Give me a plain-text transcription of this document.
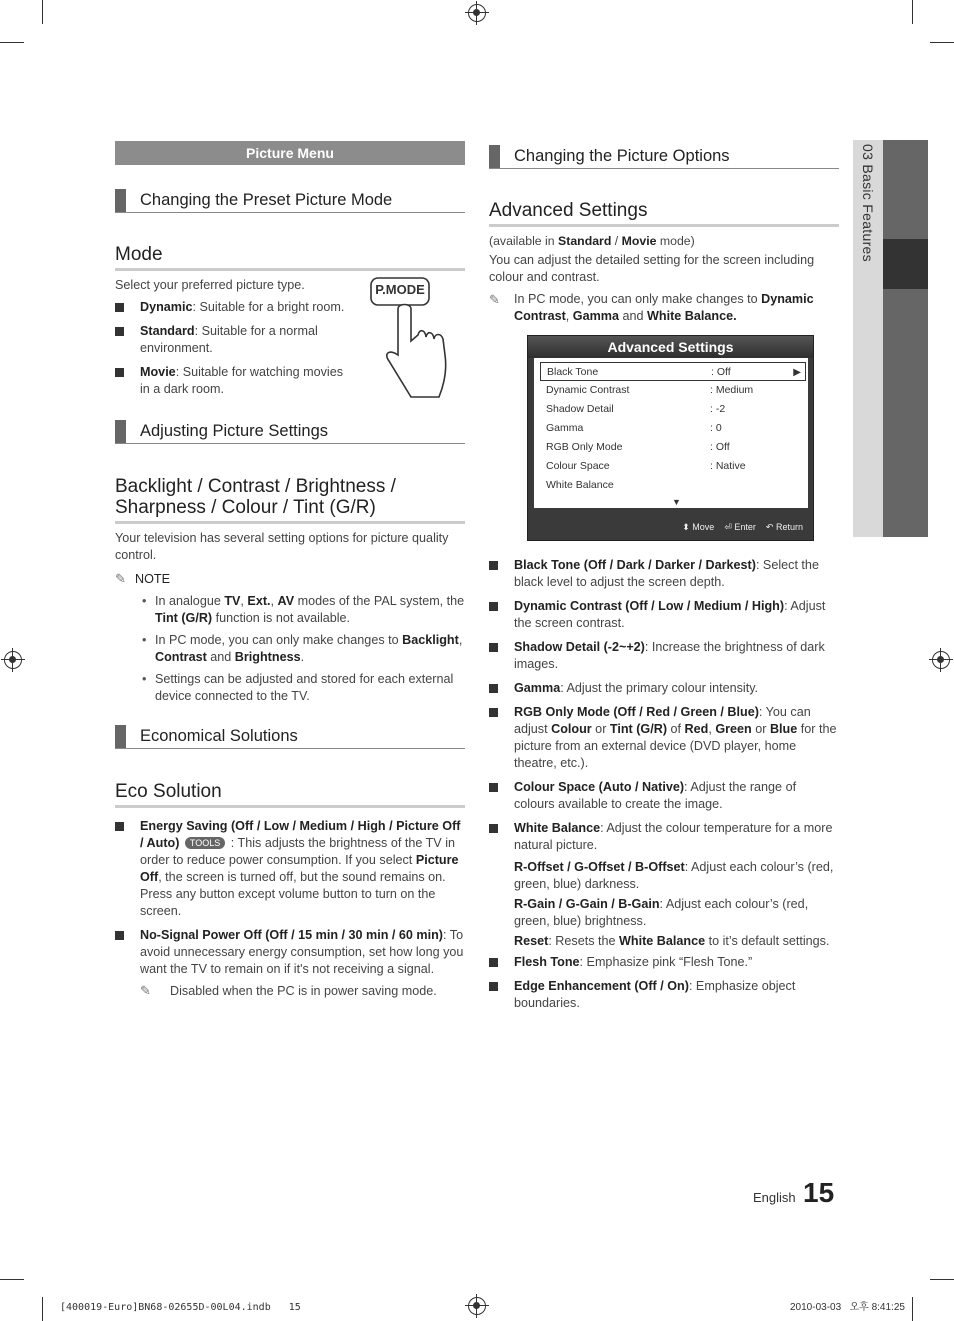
Picture Menu
Changing the Preset Picture Mode
Mode
Select your preferred picture type.
Dynamic: Suitable for a bright room.
Standard: Suitable for a normal environment.
Movie: Suitable for watching movies in a dark room.
P.MODE
Adjusting Picture Settings
Backlight / Contrast / Brightness / Sharpness / Colour / Tint (G/R)
Your television has several setting options for picture quality control.
✎ NOTE
• In analogue TV, Ext., AV modes of the PAL system, the Tint (G/R) function is not available.
• In PC mode, you can only make changes to Backlight, Contrast and Brightness.
• Settings can be adjusted and stored for each external device connected to the TV.
Economical Solutions
Eco Solution
Energy Saving (Off / Low / Medium / High / Picture Off / Auto) TOOLS : This adjusts the brightness of the TV in order to reduce power consumption. If you select Picture Off, the screen is turned off, but the sound remains on. Press any button except volume button to turn on the screen.
No-Signal Power Off (Off / 15 min / 30 min / 60 min): To avoid unnecessary energy consumption, set how long you want the TV to remain on if it's not receiving a signal.
✎ Disabled when the PC is in power saving mode.
Changing the Picture Options
Advanced Settings
(available in Standard / Movie mode)
You can adjust the detailed setting for the screen including colour and contrast.
✎	In PC mode, you can only make changes to Dynamic Contrast, Gamma and White Balance.
Advanced Settings
Black Tone	: Off	▶
Dynamic Contrast	: Medium
Shadow Detail	: -2
Gamma	: 0
RGB Only Mode	: Off
Colour Space	: Native
White Balance
▼
⬍ Move ⏎ Enter ↶ Return
Black Tone (Off / Dark / Darker / Darkest): Select the black level to adjust the screen depth.
Dynamic Contrast (Off / Low / Medium / High): Adjust the screen contrast.
Shadow Detail (-2~+2): Increase the brightness of dark images.
Gamma: Adjust the primary colour intensity.
RGB Only Mode (Off / Red / Green / Blue): You can adjust Colour or Tint (G/R) of Red, Green or Blue for the picture from an external device (DVD player, home theatre, etc.).
Colour Space (Auto / Native): Adjust the range of colours available to create the image.
White Balance: Adjust the colour temperature for a more natural picture.
R-Offset / G-Offset / B-Offset: Adjust each colour’s (red, green, blue) darkness.
R-Gain / G-Gain / B-Gain: Adjust each colour’s (red, green, blue) brightness.
Reset: Resets the White Balance to it’s default settings.
Flesh Tone: Emphasize pink “Flesh Tone.”
Edge Enhancement (Off / On): Emphasize object boundaries.
03 Basic Features
English 15
[400019-Euro]BN68-02655D-00L04.indb   15	2010-03-03   오후 8:41:25
